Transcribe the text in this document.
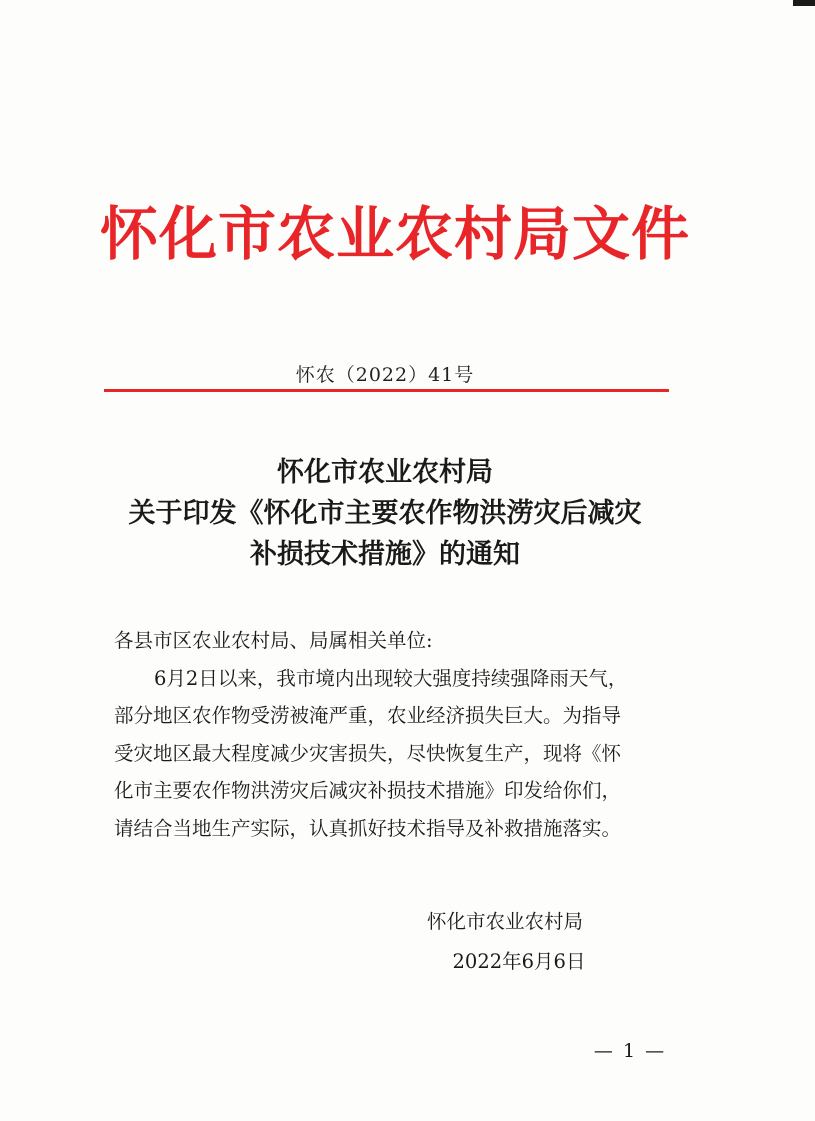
怀化市农业农村局文件
怀农（2022）41号
怀化市农业农村局
关于印发《怀化市主要农作物洪涝灾后减灾
补损技术措施》的通知

各县市区农业农村局、局属相关单位:

6月2日以来，我市境内出现较大强度持续强降雨天气，
部分地区农作物受涝被淹严重，农业经济损失巨大。为指导
受灾地区最大程度减少灾害损失，尽快恢复生产，现将《怀
化市主要农作物洪涝灾后减灾补损技术措施》印发给你们，
请结合当地生产实际，认真抓好技术指导及补救措施落实。
怀化市农业农村局
2022年6月6日
— 1 —
